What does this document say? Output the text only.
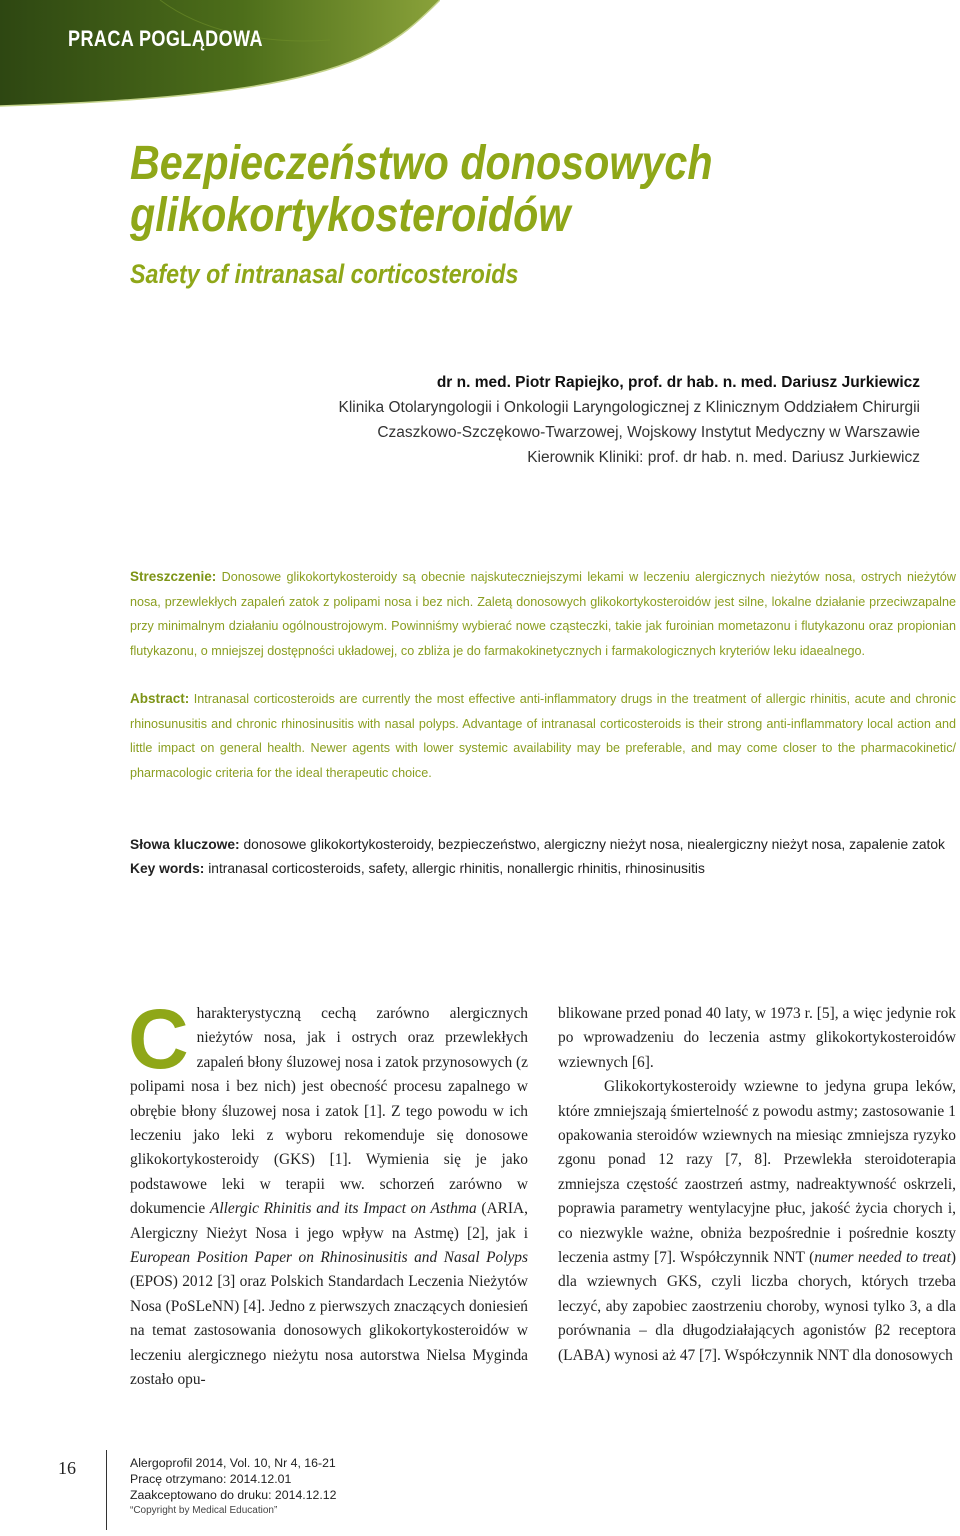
PRACA POGLĄDOWA
Bezpieczeństwo donosowych
glikokortykosteroidów
Safety of intranasal corticosteroids
dr n. med. Piotr Rapiejko, prof. dr hab. n. med. Dariusz Jurkiewicz
Klinika Otolaryngologii i Onkologii Laryngologicznej z Klinicznym Oddziałem Chirurgii
Czaszkowo-Szczękowo-Twarzowej, Wojskowy Instytut Medyczny w Warszawie
Kierownik Kliniki: prof. dr hab. n. med. Dariusz Jurkiewicz
Streszczenie: Donosowe glikokortykosteroidy są obecnie najskuteczniejszymi lekami w leczeniu alergicznych nieżytów nosa, ostrych nieżytów nosa, przewlekłych zapaleń zatok z polipami nosa i bez nich. Zaletą donosowych glikokortykosteroidów jest silne, lokalne działanie przeciwzapalne przy minimalnym działaniu ogólnoustrojowym. Powinniśmy wybierać nowe cząsteczki, takie jak furoinian mometazonu i flutykazonu oraz propionian flutykazonu, o mniejszej dostępności układowej, co zbliża je do farmakokinetycznych i farmakologicznych kryteriów leku idaealnego.
Abstract: Intranasal corticosteroids are currently the most effective anti-inflammatory drugs in the treatment of allergic rhinitis, acute and chronic rhinosunusitis and chronic rhinosinusitis with nasal polyps. Advantage of intranasal corticosteroids is their strong anti-inflammatory local action and little impact on general health. Newer agents with lower systemic availability may be preferable, and may come closer to the pharmacokinetic/ pharmacologic criteria for the ideal therapeutic choice.
Słowa kluczowe: donosowe glikokortykosteroidy, bezpieczeństwo, alergiczny nieżyt nosa, niealergiczny nieżyt nosa, zapalenie zatok
Key words: intranasal corticosteroids, safety, allergic rhinitis, nonallergic rhinitis, rhinosinusitis

Charakterystyczną cechą zarówno alergicznych nieżytów nosa, jak i ostrych oraz przewlekłych zapaleń błony śluzowej nosa i zatok przynosowych (z polipami nosa i bez nich) jest obecność procesu zapalnego w obrębie błony śluzowej nosa i zatok [1]. Z tego powodu w ich leczeniu jako leki z wyboru rekomenduje się donosowe glikokortykosteroidy (GKS) [1]. Wymienia się je jako podstawowe leki w terapii ww. schorzeń zarówno w dokumencie Allergic Rhinitis and its Impact on Asthma (ARIA, Alergiczny Nieżyt Nosa i jego wpływ na Astmę) [2], jak i European Position Paper on Rhinosinusitis and Nasal Polyps (EPOS) 2012 [3] oraz Polskich Standardach Leczenia Nieżytów Nosa (PoSLeNN) [4]. Jedno z pierwszych znaczących doniesień na temat zastosowania donosowych glikokortykosteroidów w leczeniu alergicznego nieżytu nosa autorstwa Nielsa Myginda zostało opu-

blikowane przed ponad 40 laty, w 1973 r. [5], a więc jedynie rok po wprowadzeniu do leczenia astmy glikokortykosteroidów wziewnych [6].

Glikokortykosteroidy wziewne to jedyna grupa leków, które zmniejszają śmiertelność z powodu astmy; zastosowanie 1 opakowania steroidów wziewnych na miesiąc zmniejsza ryzyko zgonu ponad 12 razy [7, 8]. Przewlekła steroidoterapia zmniejsza częstość zaostrzeń astmy, nadreaktywność oskrzeli, poprawia parametry wentylacyjne płuc, jakość życia chorych i, co niezwykle ważne, obniża bezpośrednie i pośrednie koszty leczenia astmy [7]. Współczynnik NNT (numer needed to treat) dla wziewnych GKS, czyli liczba chorych, których trzeba leczyć, aby zapobiec zaostrzeniu choroby, wynosi tylko 3, a dla porównania – dla długodziałających agonistów β2 receptora (LABA) wynosi aż 47 [7]. Współczynnik NNT dla donosowych

16	Alergoprofil 2014, Vol. 10, Nr 4, 16-21
Pracę otrzymano: 2014.12.01
Zaakceptowano do druku: 2014.12.12
“Copyright by Medical Education”
